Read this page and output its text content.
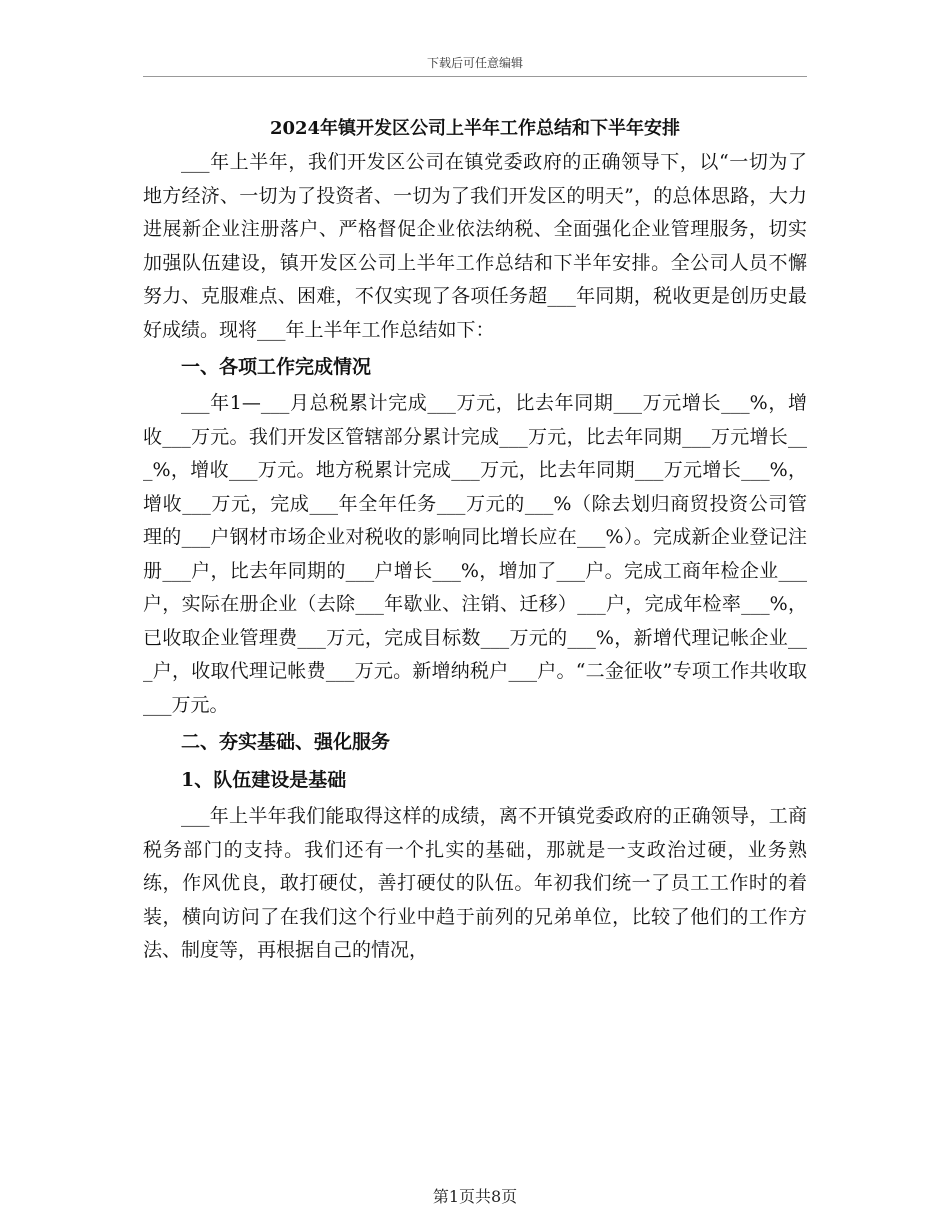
下载后可任意编辑

2024年镇开发区公司上半年工作总结和下半年安排

___年上半年，我们开发区公司在镇党委政府的正确领导下，以“一切为了地方经济、一切为了投资者、一切为了我们开发区的明天”，的总体思路，大力进展新企业注册落户、严格督促企业依法纳税、全面强化企业管理服务，切实加强队伍建设，镇开发区公司上半年工作总结和下半年安排。全公司人员不懈努力、克服难点、困难，不仅实现了各项任务超___年同期，税收更是创历史最好成绩。现将___年上半年工作总结如下：

一、各项工作完成情况

___年1—___月总税累计完成___万元，比去年同期___万元增长___%，增收___万元。我们开发区管辖部分累计完成___万元，比去年同期___万元增长___%，增收___万元。地方税累计完成___万元，比去年同期___万元增长___%，增收___万元，完成___年全年任务___万元的___%（除去划归商贸投资公司管理的___户钢材市场企业对税收的影响同比增长应在___%）。完成新企业登记注册___户，比去年同期的___户增长___%，增加了___户。完成工商年检企业___户，实际在册企业（去除___年歇业、注销、迁移）___户，完成年检率___%，已收取企业管理费___万元，完成目标数___万元的___%，新增代理记帐企业___户，收取代理记帐费___万元。新增纳税户___户。“二金征收”专项工作共收取___万元。

二、夯实基础、强化服务

1、队伍建设是基础

___年上半年我们能取得这样的成绩，离不开镇党委政府的正确领导，工商税务部门的支持。我们还有一个扎实的基础，那就是一支政治过硬，业务熟练，作风优良，敢打硬仗，善打硬仗的队伍。年初我们统一了员工工作时的着装，横向访问了在我们这个行业中趋于前列的兄弟单位，比较了他们的工作方法、制度等，再根据自己的情况，

第1页共8页
